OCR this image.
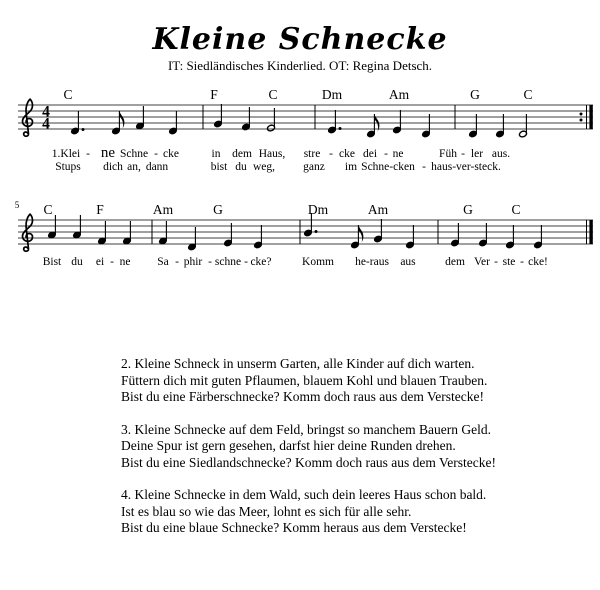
Kleine Schnecke
IT: Siedländisches Kinderlied. OT: Regina Detsch.
4
4
C	F	C	Dm	Am	G	C
1.Klei - ne Schne - cke	in dem Haus, stre - cke dei - ne	Füh - ler aus.
Stups dich an, dann	bist du weg, ganz im Schne-cken - haus-ver-steck.
5 C	F	Am	G	Dm	Am	G	C
Bist du ei - ne Sa - phir - schne - cke?	Komm he-raus aus	dem Ver - ste - cke!

2. Kleine Schneck in unserm Garten, alle Kinder auf dich warten.
Füttern dich mit guten Pflaumen, blauem Kohl und blauen Trauben.
Bist du eine Färberschnecke? Komm doch raus aus dem Verstecke!

3. Kleine Schnecke auf dem Feld, bringst so manchem Bauern Geld.
Deine Spur ist gern gesehen, darfst hier deine Runden drehen.
Bist du eine Siedlandschnecke? Komm doch raus aus dem Verstecke!

4. Kleine Schnecke in dem Wald, such dein leeres Haus schon bald.
Ist es blau so wie das Meer, lohnt es sich für alle sehr.
Bist du eine blaue Schnecke? Komm heraus aus dem Verstecke!
